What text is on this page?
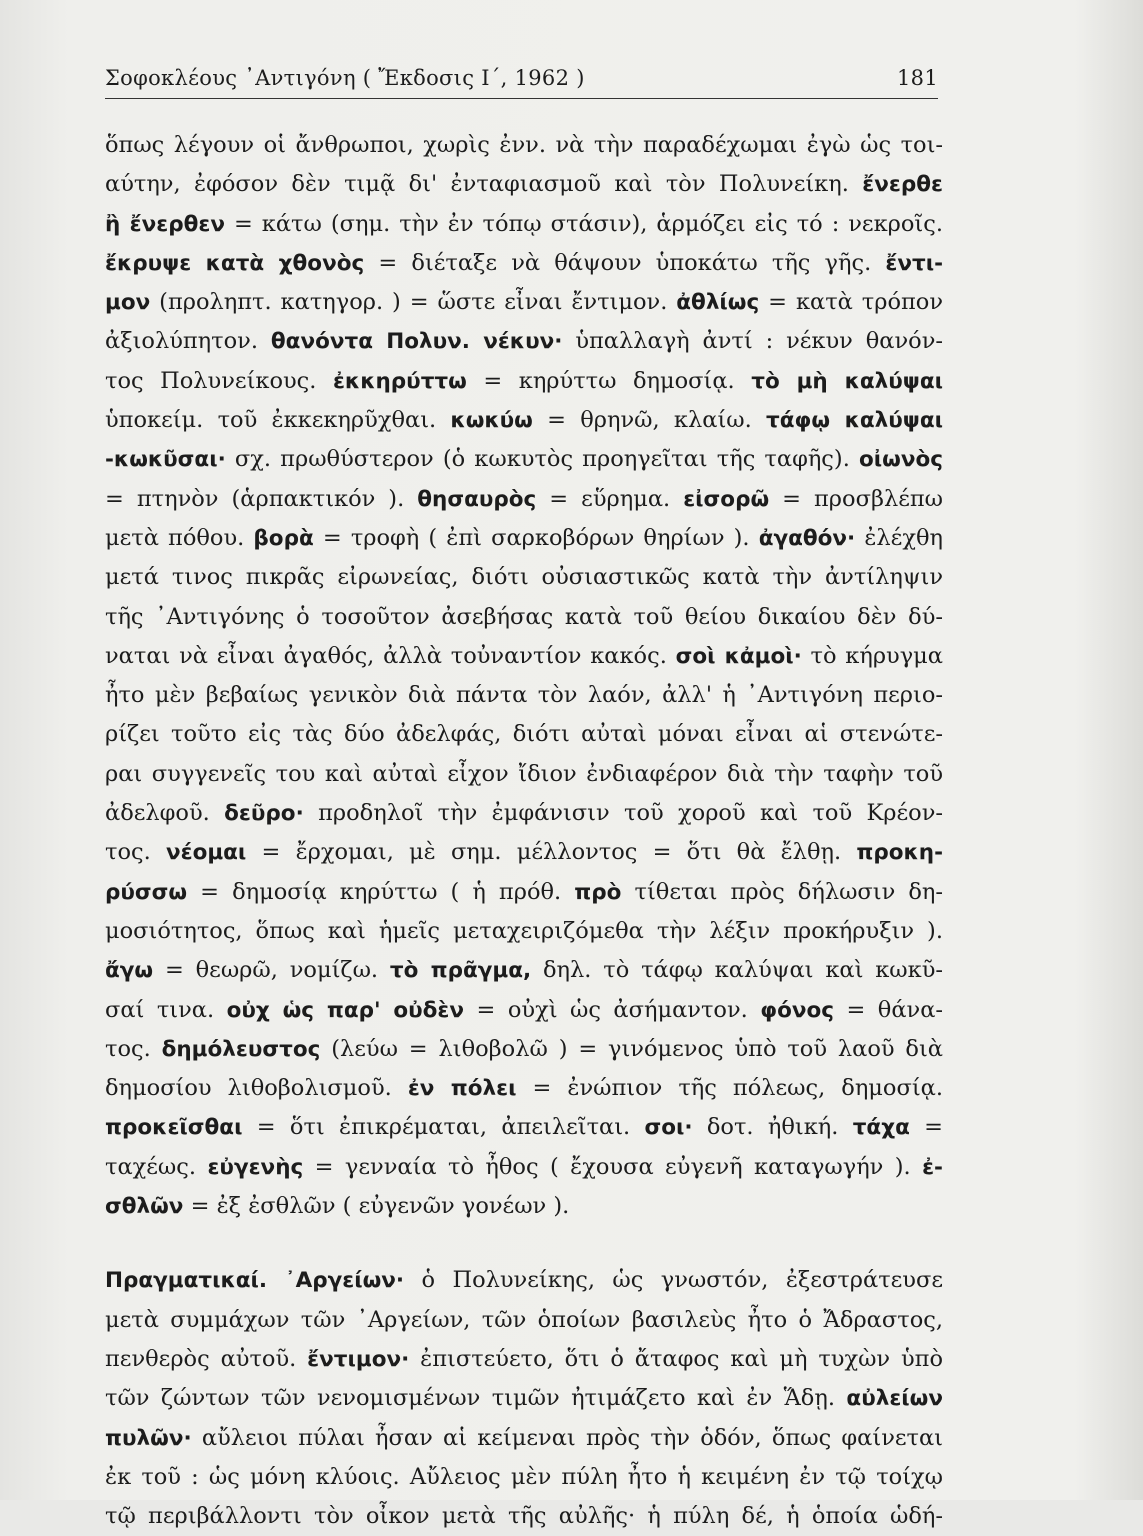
Σοφοκλέους ᾿Αντιγόνη ( Ἔκδοσις Ι΄, 1962 )	181
ὅπως λέγουν οἱ ἄνθρωποι, χωρὶς ἐνν. νὰ τὴν παραδέχωμαι ἐγὼ ὡς τοι-
αύτην, ἐφόσον δὲν τιμᾷ δι' ἐνταφιασμοῦ καὶ τὸν Πολυνείκη. ἔνερθε
ἢ ἔνερθεν = κάτω (σημ. τὴν ἐν τόπῳ στάσιν), ἁρμόζει εἰς τό : νεκροῖς.
ἔκρυψε κατὰ χθονὸς = διέταξε νὰ θάψουν ὑποκάτω τῆς γῆς. ἔντι-
μον (προληπτ. κατηγορ. ) = ὥστε εἶναι ἔντιμον. ἀθλίως = κατὰ τρόπον
ἀξιολύπητον. θανόντα Πολυν. νέκυν· ὑπαλλαγὴ ἀντί : νέκυν θανόν-
τος Πολυνείκους. ἐκκηρύττω = κηρύττω δημοσίᾳ. τὸ μὴ καλύψαι
ὑποκείμ. τοῦ ἐκκεκηρῦχθαι. κωκύω = θρηνῶ, κλαίω. τάφῳ καλύψαι
-κωκῦσαι· σχ. πρωθύστερον (ὁ κωκυτὸς προηγεῖται τῆς ταφῆς). οἰωνὸς
= πτηνὸν (ἁρπακτικόν ). θησαυρὸς = εὕρημα. εἰσορῶ = προσβλέπω
μετὰ πόθου. βορὰ = τροφὴ ( ἐπὶ σαρκοβόρων θηρίων ). ἀγαθόν· ἐλέχθη
μετά τινος πικρᾶς εἰρωνείας, διότι οὐσιαστικῶς κατὰ τὴν ἀντίληψιν
τῆς ᾿Αντιγόνης ὁ τοσοῦτον ἀσεβήσας κατὰ τοῦ θείου δικαίου δὲν δύ-
ναται νὰ εἶναι ἀγαθός, ἀλλὰ τοὐναντίον κακός. σοὶ κἀμοὶ· τὸ κήρυγμα
ἦτο μὲν βεβαίως γενικὸν διὰ πάντα τὸν λαόν, ἀλλ' ἡ ᾿Αντιγόνη περιο-
ρίζει τοῦτο εἰς τὰς δύο ἀδελφάς, διότι αὐταὶ μόναι εἶναι αἱ στενώτε-
ραι συγγενεῖς του καὶ αὐταὶ εἶχον ἴδιον ἐνδιαφέρον διὰ τὴν ταφὴν τοῦ
ἀδελφοῦ. δεῦρο· προδηλοῖ τὴν ἐμφάνισιν τοῦ χοροῦ καὶ τοῦ Κρέον-
τος. νέομαι = ἔρχομαι, μὲ σημ. μέλλοντος = ὅτι θὰ ἔλθῃ. προκη-
ρύσσω = δημοσίᾳ κηρύττω ( ἡ πρόθ. πρὸ τίθεται πρὸς δήλωσιν δη-
μοσιότητος, ὅπως καὶ ἡμεῖς μεταχειριζόμεθα τὴν λέξιν προκήρυξιν ).
ἄγω = θεωρῶ, νομίζω. τὸ πρᾶγμα, δηλ. τὸ τάφῳ καλύψαι καὶ κωκῦ-
σαί τινα. οὐχ ὡς παρ' οὐδὲν = οὐχὶ ὡς ἀσήμαντον. φόνος = θάνα-
τος. δημόλευστος (λεύω = λιθοβολῶ ) = γινόμενος ὑπὸ τοῦ λαοῦ διὰ
δημοσίου λιθοβολισμοῦ. ἐν πόλει = ἐνώπιον τῆς πόλεως, δημοσίᾳ.
προκεῖσθαι = ὅτι ἐπικρέμαται, ἀπειλεῖται. σοι· δοτ. ἠθική. τάχα =
ταχέως. εὐγενὴς = γενναία τὸ ἦθος ( ἔχουσα εὐγενῆ καταγωγήν ). ἐ-
σθλῶν = ἐξ ἐσθλῶν ( εὐγενῶν γονέων ).
Πραγματικαί. ᾿Αργείων· ὁ Πολυνείκης, ὡς γνωστόν, ἐξεστράτευσε
μετὰ συμμάχων τῶν ᾿Αργείων, τῶν ὁποίων βασιλεὺς ἦτο ὁ Ἄδραστος,
πενθερὸς αὐτοῦ. ἔντιμον· ἐπιστεύετο, ὅτι ὁ ἄταφος καὶ μὴ τυχὼν ὑπὸ
τῶν ζώντων τῶν νενομισμένων τιμῶν ἠτιμάζετο καὶ ἐν Ἅδῃ. αὐλείων
πυλῶν· αὔλειοι πύλαι ἦσαν αἱ κείμεναι πρὸς τὴν ὁδόν, ὅπως φαίνεται
ἐκ τοῦ : ὡς μόνη κλύοις. Αὔλειος μὲν πύλη ἦτο ἡ κειμένη ἐν τῷ τοίχῳ
τῷ περιβάλλοντι τὸν οἶκον μετὰ τῆς αὐλῆς· ἡ πύλη δέ, ἡ ὁποία ὡδή-
